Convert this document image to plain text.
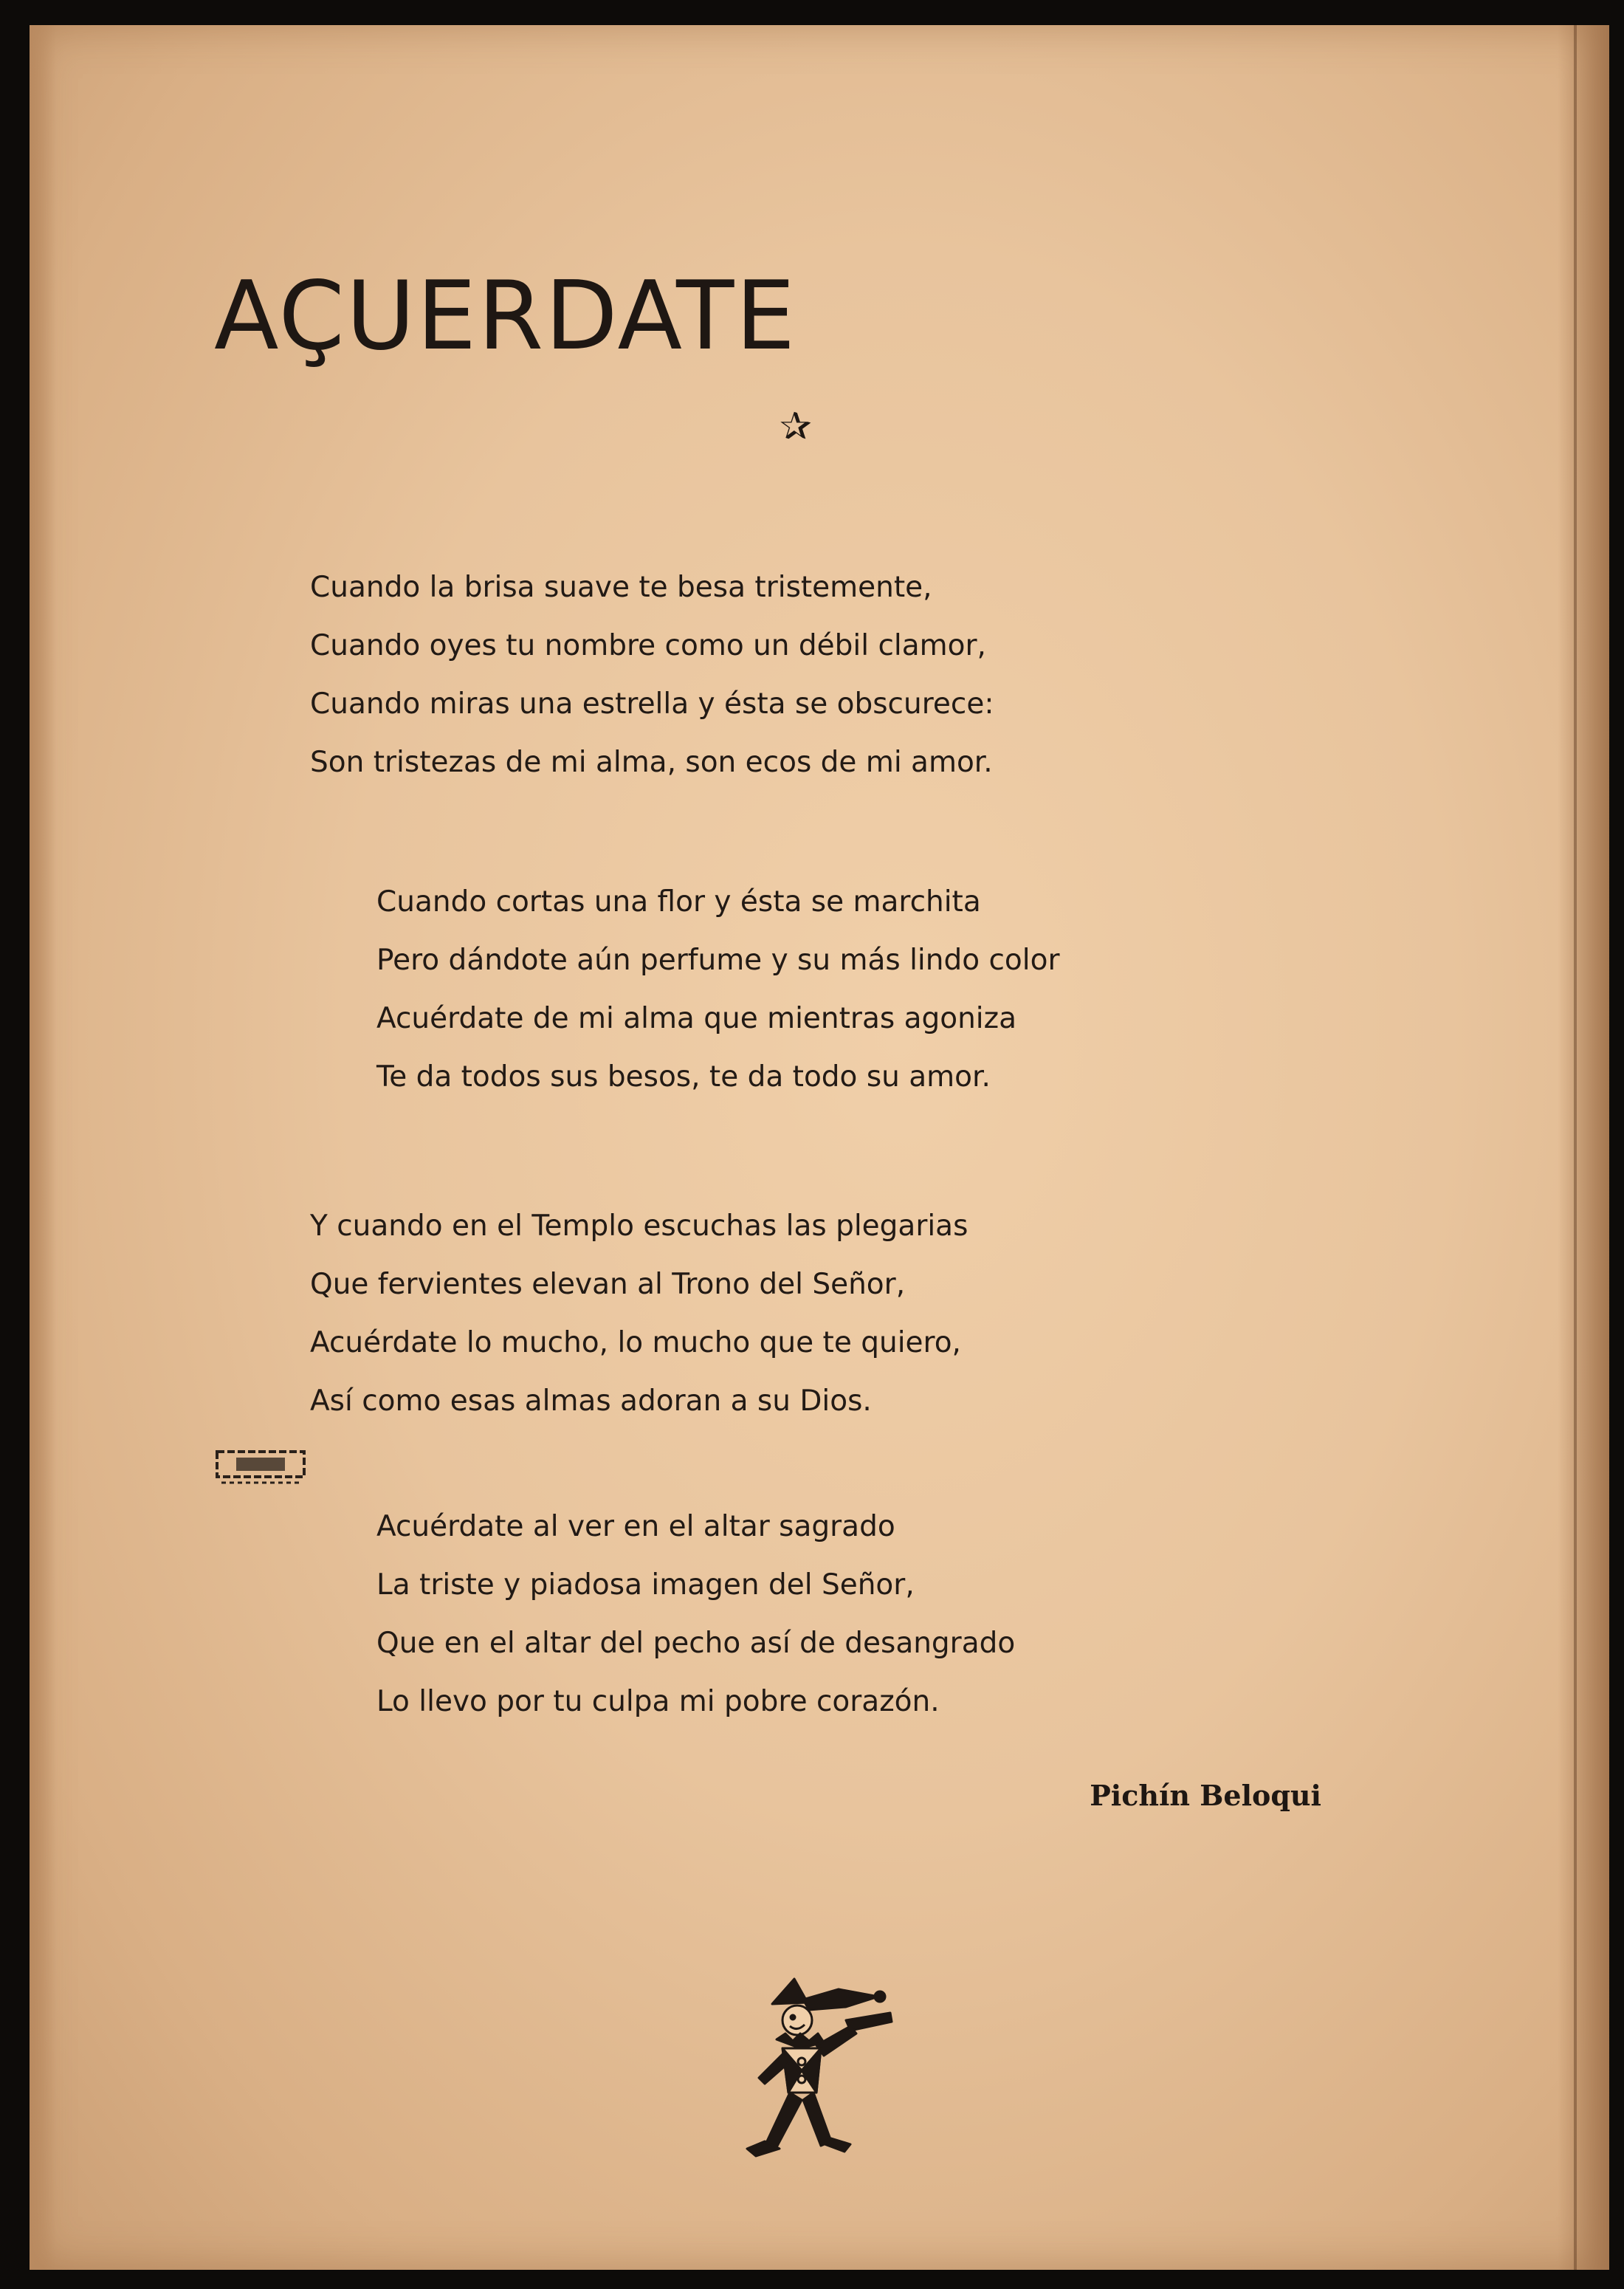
AÇUERDATE
✰
Cuando la brisa suave te besa tristemente,
Cuando oyes tu nombre como un débil clamor,
Cuando miras una estrella y ésta se obscurece:
Son tristezas de mi alma, son ecos de mi amor.
Cuando cortas una flor y ésta se marchita
Pero dándote aún perfume y su más lindo color
Acuérdate de mi alma que mientras agoniza
Te da todos sus besos, te da todo su amor.
Y cuando en el Templo escuchas las plegarias
Que fervientes elevan al Trono del Señor,
Acuérdate lo mucho, lo mucho que te quiero,
Así como esas almas adoran a su Dios.
Acuérdate al ver en el altar sagrado
La triste y piadosa imagen del Señor,
Que en el altar del pecho así de desangrado
Lo llevo por tu culpa mi pobre corazón.
Pichín Beloqui
